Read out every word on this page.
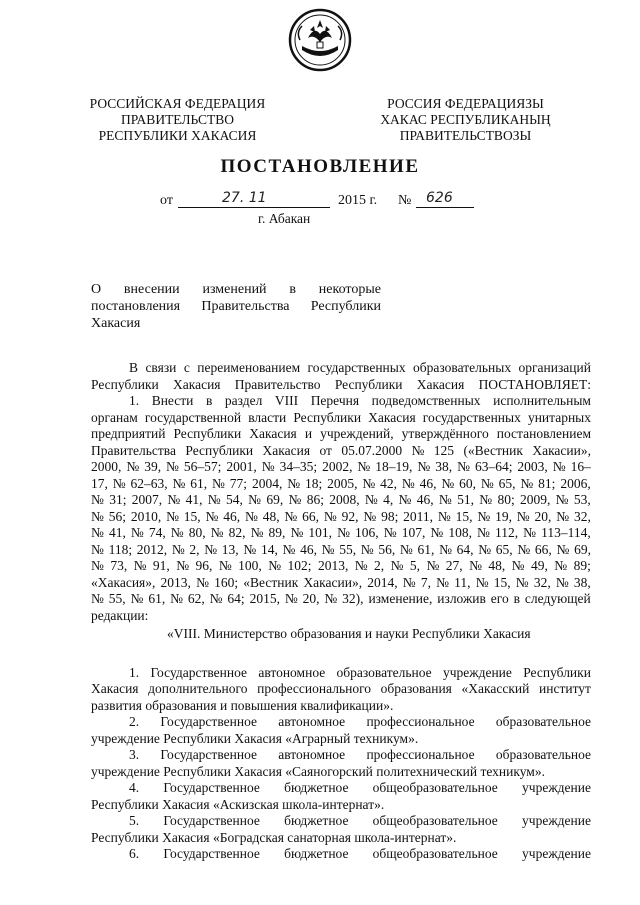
РОССИЙСКАЯ ФЕДЕРАЦИЯ
ПРАВИТЕЛЬСТВО
РЕСПУБЛИКИ ХАКАСИЯ
РОССИЯ ФЕДЕРАЦИЯЗЫ
ХАКАС РЕСПУБЛИКАНЫҢ
ПРАВИТЕЛЬСТВОЗЫ
ПОСТАНОВЛЕНИЕ
от	27. 11	2015 г. № 626
г. Абакан
О внесении изменений в некоторые
постановления Правительства Республики
Хакасия
В связи с переименованием государственных образовательных организаций
Республики Хакасия Правительство Республики Хакасия ПОСТАНОВЛЯЕТ:
1. Внести в раздел VIII Перечня подведомственных исполнительным
органам государственной власти Республики Хакасия государственных унитарных
предприятий Республики Хакасия и учреждений, утверждённого постановлением
Правительства Республики Хакасия от 05.07.2000 № 125 («Вестник Хакасии»,
2000, № 39, № 56–57; 2001, № 34–35; 2002, № 18–19, № 38, № 63–64; 2003, № 16–
17, № 62–63, № 61, № 77; 2004, № 18; 2005, № 42, № 46, № 60, № 65, № 81; 2006,
№ 31; 2007, № 41, № 54, № 69, № 86; 2008, № 4, № 46, № 51, № 80; 2009, № 53,
№ 56; 2010, № 15, № 46, № 48, № 66, № 92, № 98; 2011, № 15, № 19, № 20, № 32,
№ 41, № 74, № 80, № 82, № 89, № 101, № 106, № 107, № 108, № 112, № 113–114,
№ 118; 2012, № 2, № 13, № 14, № 46, № 55, № 56, № 61, № 64, № 65, № 66, № 69,
№ 73, № 91, № 96, № 100, № 102; 2013, № 2, № 5, № 27, № 48, № 49, № 89;
«Хакасия», 2013, № 160; «Вестник Хакасии», 2014, № 7, № 11, № 15, № 32, № 38,
№ 55, № 61, № 62, № 64; 2015, № 20, № 32), изменение, изложив его в следующей
редакции:
«VIII. Министерство образования и науки Республики Хакасия
1. Государственное автономное образовательное учреждение Республики
Хакасия дополнительного профессионального образования «Хакасский институт
развития образования и повышения квалификации».
2. Государственное автономное профессиональное образовательное
учреждение Республики Хакасия «Аграрный техникум».
3. Государственное автономное профессиональное образовательное
учреждение Республики Хакасия «Саяногорский политехнический техникум».
4. Государственное бюджетное общеобразовательное учреждение
Республики Хакасия «Аскизская школа-интернат».
5. Государственное бюджетное общеобразовательное учреждение
Республики Хакасия «Боградская санаторная школа-интернат».
6. Государственное бюджетное общеобразовательное учреждение
